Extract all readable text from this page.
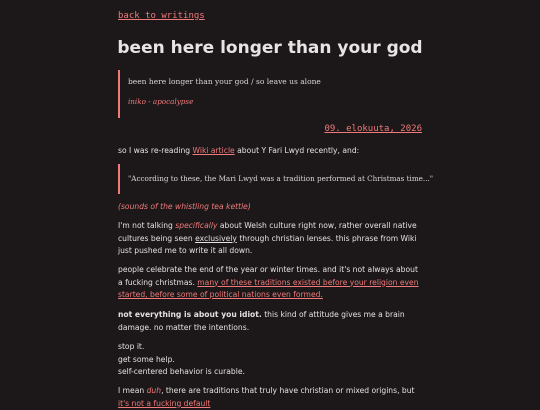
back to writings
been here longer than your god
been here longer than your god / so leave us alone
iniko - apocalypse
09. elokuuta, 2026

so I was re-reading Wiki article about Y Fari Lwyd recently, and:

"According to these, the Mari Lwyd was a tradition performed at Christmas time..."
(sounds of the whistling tea kettle)

I'm not talking specifically about Welsh culture right now, rather overall native cultures being seen exclusively through christian lenses. this phrase from Wiki just pushed me to write it all down.

people celebrate the end of the year or winter times. and it's not always about a fucking christmas. many of these traditions existed before your religion even started, before some of political nations even formed.

not everything is about you idiot. this kind of attitude gives me a brain damage. no matter the intentions.

stop it.
get some help.
self-centered behavior is curable.

I mean duh, there are traditions that truly have christian or mixed origins, but it's not a fucking default
